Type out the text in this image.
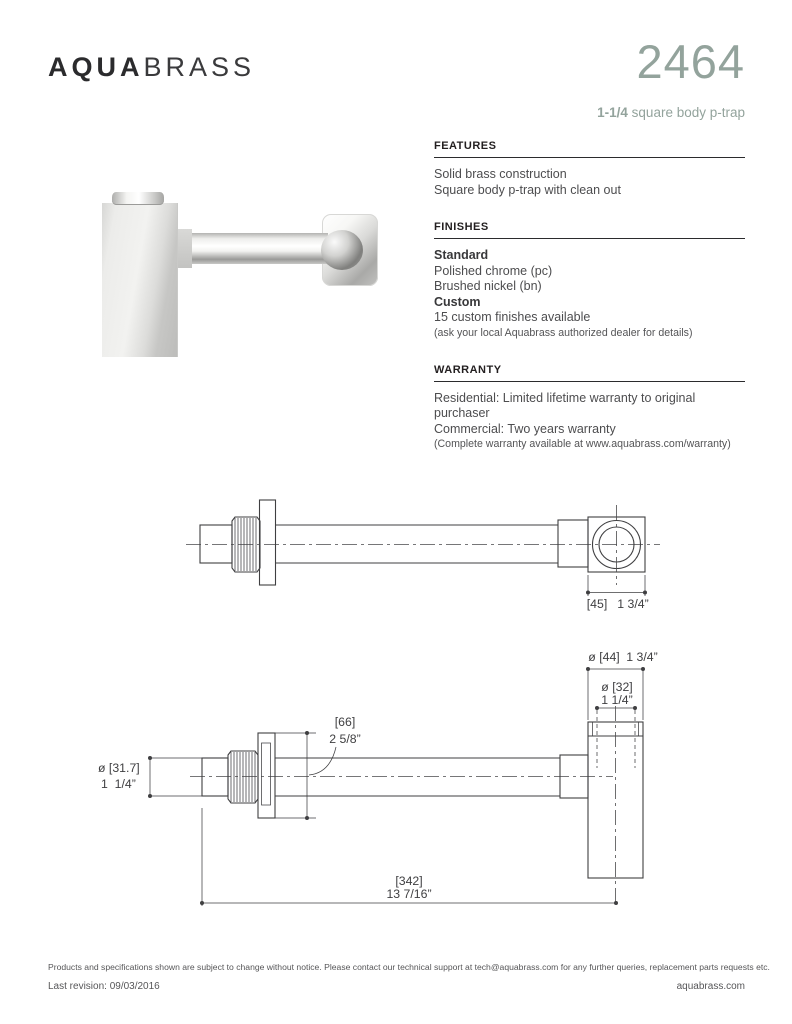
AQUABRASS	2464

1-1/4 square body p-trap

FEATURES

Solid brass construction

Square body p-trap with clean out

FINISHES

Standard

Polished chrome (pc)

Brushed nickel (bn)

Custom

15 custom finishes available

(ask your local Aquabrass authorized dealer for details)

WARRANTY

Residential: Limited lifetime warranty to original purchaser

Commercial: Two years warranty

(Complete warranty available at www.aquabrass.com/warranty)

[45] 1 3/4”
ø [44] 1 3/4”
ø [32]
1 1/4”
ø [31.7]
1  1/4”
[66]
2 5/8”
[342]
13 7/16”
Products and specifications shown are subject to change without notice. Please contact our technical support at tech@aquabrass.com for any further queries, replacement parts requests etc.
Last revision: 09/03/2016	aquabrass.com
